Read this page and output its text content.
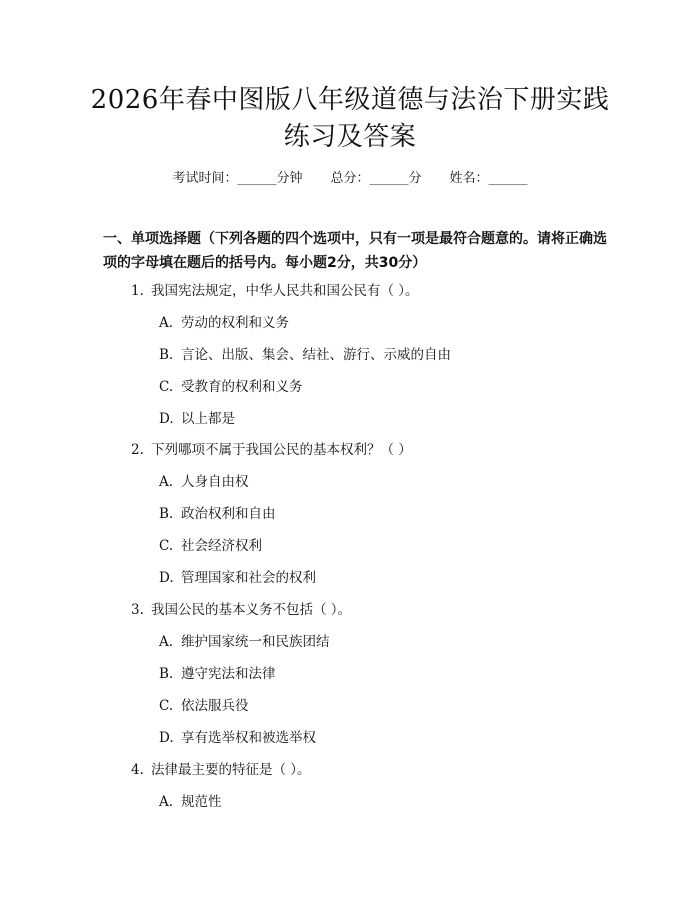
2026年春中图版八年级道德与法治下册实践
练习及答案
考试时间：______分钟 总分：______分 姓名：______
一、单项选择题（下列各题的四个选项中，只有一项是最符合题意的。请将正确选项的字母填在题后的括号内。每小题2分，共30分）
1. 我国宪法规定，中华人民共和国公民有（ ）。
A. 劳动的权利和义务
B. 言论、出版、集会、结社、游行、示威的自由
C. 受教育的权利和义务
D. 以上都是
2. 下列哪项不属于我国公民的基本权利？（ ）
A. 人身自由权
B. 政治权利和自由
C. 社会经济权利
D. 管理国家和社会的权利
3. 我国公民的基本义务不包括（ ）。
A. 维护国家统一和民族团结
B. 遵守宪法和法律
C. 依法服兵役
D. 享有选举权和被选举权
4. 法律最主要的特征是（ ）。
A. 规范性
